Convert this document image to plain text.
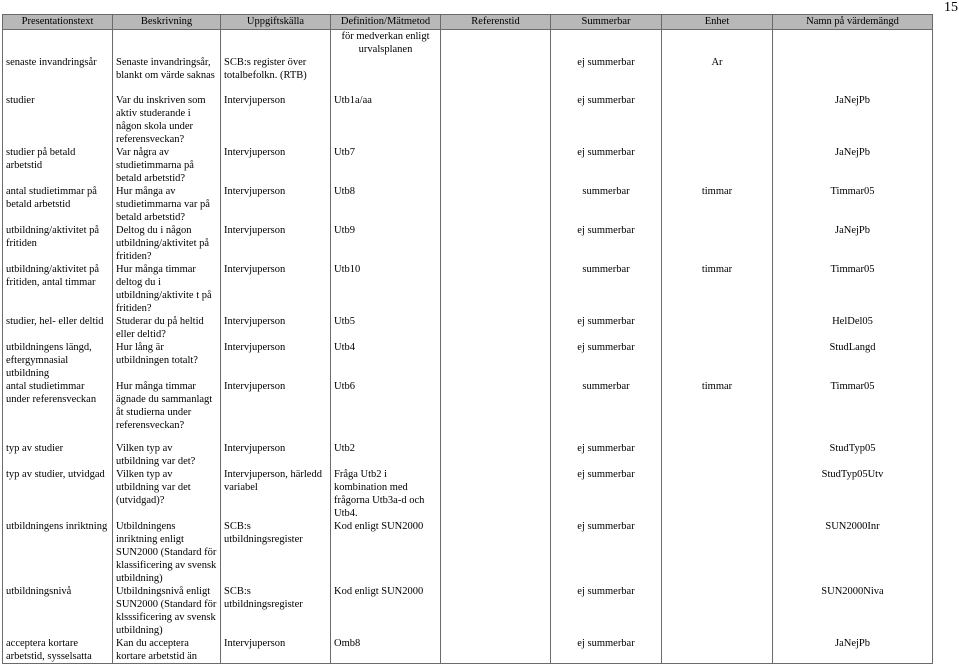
15
Presentationstext	Beskrivning	Uppgiftskälla	Definition/Mätmetod	Referenstid	Summerbar	Enhet	Namn på värdemängd
			för medverkan enligt urvalsplanen				
senaste invandringsår	Senaste invandringsår, blankt om värde saknas	SCB:s register över totalbefolkn. (RTB)			ej summerbar	Ar	
studier	Var du inskriven som aktiv studerande i någon skola under referensveckan?	Intervjuperson	Utb1a/aa		ej summerbar		JaNejPb
studier på betald arbetstid	Var några av studietimmarna på betald arbetstid?	Intervjuperson	Utb7		ej summerbar		JaNejPb
antal studietimmar på betald arbetstid	Hur många av studietimmarna var på betald arbetstid?	Intervjuperson	Utb8		summerbar	timmar	Timmar05
utbildning/aktivitet på fritiden	Deltog du i någon utbildning/aktivitet på fritiden?	Intervjuperson	Utb9		ej summerbar		JaNejPb
utbildning/aktivitet på fritiden, antal timmar	Hur många timmar deltog du i utbildning/aktivite t på fritiden?	Intervjuperson	Utb10		summerbar	timmar	Timmar05
studier, hel- eller deltid	Studerar du på heltid eller deltid?	Intervjuperson	Utb5		ej summerbar		HelDel05
utbildningens längd, eftergymnasial utbildning	Hur lång är utbildningen totalt?	Intervjuperson	Utb4		ej summerbar		StudLangd
antal studietimmar under referensveckan	Hur många timmar ägnade du sammanlagt åt studierna under referensveckan?	Intervjuperson	Utb6		summerbar	timmar	Timmar05
typ av studier	Vilken typ av utbildning var det?	Intervjuperson	Utb2		ej summerbar		StudTyp05
typ av studier, utvidgad	Vilken typ av utbildning var det (utvidgad)?	Intervjuperson, härledd variabel	Fråga Utb2 i kombination med frågorna Utb3a-d och Utb4.		ej summerbar		StudTyp05Utv
utbildningens inriktning	Utbildningens inriktning enligt SUN2000 (Standard för klassificering av svensk utbildning)	SCB:s utbildningsregister	Kod enligt SUN2000		ej summerbar		SUN2000Inr
utbildningsnivå	Utbildningsnivå enligt SUN2000 (Standard för klsssificering av svensk utbildning)	SCB:s utbildningsregister	Kod enligt SUN2000		ej summerbar		SUN2000Niva
acceptera kortare arbetstid, sysselsatta	Kan du acceptera kortare arbetstid än	Intervjuperson	Omb8		ej summerbar		JaNejPb
